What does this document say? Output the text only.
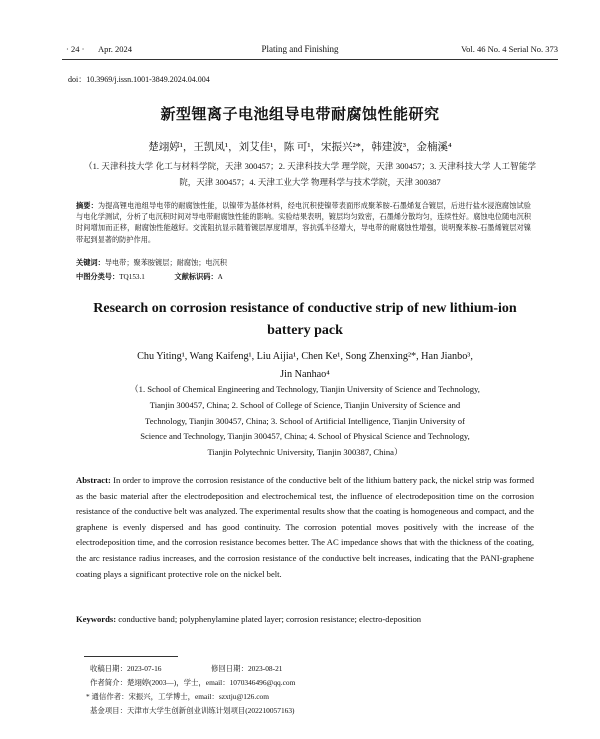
· 24 · Apr. 2024	Plating and Finishing	Vol. 46 No. 4 Serial No. 373
doi：10.3969/j.issn.1001-3849.2024.04.004
新型锂离子电池组导电带耐腐蚀性能研究
楚翊婷¹，王凯凤¹，刘艾佳¹，陈 可¹，宋振兴²*，韩建波³，金楠溪⁴
（1. 天津科技大学 化工与材料学院，天津 300457；2. 天津科技大学 理学院，天津 300457；3. 天津科技大学 人工智能学院，天津 300457；4. 天津工业大学 物理科学与技术学院，天津 300387
摘要：为提高锂电池组导电带的耐腐蚀性能，以镍带为基体材料，经电沉积使镍带表面形成聚苯胺-石墨烯复合镀层，后进行盐水浸泡腐蚀试验与电化学测试，分析了电沉积时间对导电带耐腐蚀性能的影响。实验结果表明，镀层均匀致密，石墨烯分散均匀，连续性好。腐蚀电位随电沉积时间增加而正移，耐腐蚀性能越好。交流阻抗显示随着镀层厚度增厚，容抗弧半径增大，导电带的耐腐蚀性增强，说明聚苯胺-石墨烯镀层对镍带起到显著的防护作用。
关键词：导电带；聚苯胺镀层；耐腐蚀；电沉积
中图分类号：TQ153.1	文献标识码：A
Research on corrosion resistance of conductive strip of new lithium-ion battery pack
Chu Yiting¹, Wang Kaifeng¹, Liu Aijia¹, Chen Ke¹, Song Zhenxing²*, Han Jianbo³,
Jin Nanhao⁴
（1. School of Chemical Engineering and Technology, Tianjin University of Science and Technology,
Tianjin 300457, China; 2. School of College of Science, Tianjin University of Science and
Technology, Tianjin 300457, China; 3. School of Artificial Intelligence, Tianjin University of
Science and Technology, Tianjin 300457, China; 4. School of Physical Science and Technology,
Tianjin Polytechnic University, Tianjin 300387, China）
Abstract: In order to improve the corrosion resistance of the conductive belt of the lithium battery pack, the nickel strip was formed as the basic material after the electrodeposition and electrochemical test, the influence of electrodeposition time on the corrosion resistance of the conductive belt was analyzed. The experimental results show that the coating is homogeneous and compact, and the graphene is evenly dispersed and has good continuity. The corrosion potential moves positively with the increase of the electrodeposition time, and the corrosion resistance becomes better. The AC impedance shows that with the thickness of the coating, the arc resistance radius increases, and the corrosion resistance of the conductive belt increases, indicating that the PANI-graphene coating plays a significant protective role on the nickel belt.
Keywords: conductive band; polyphenylamine plated layer; corrosion resistance; electro-deposition
收稿日期：2023-07-16	修回日期：2023-08-21
作者简介：楚翊婷(2003—)，学士，email：1070346496@qq.com
* 通信作者：宋振兴，工学博士，email：szxtju@126.com
基金项目：天津市大学生创新创业训练计划项目(202210057163)
